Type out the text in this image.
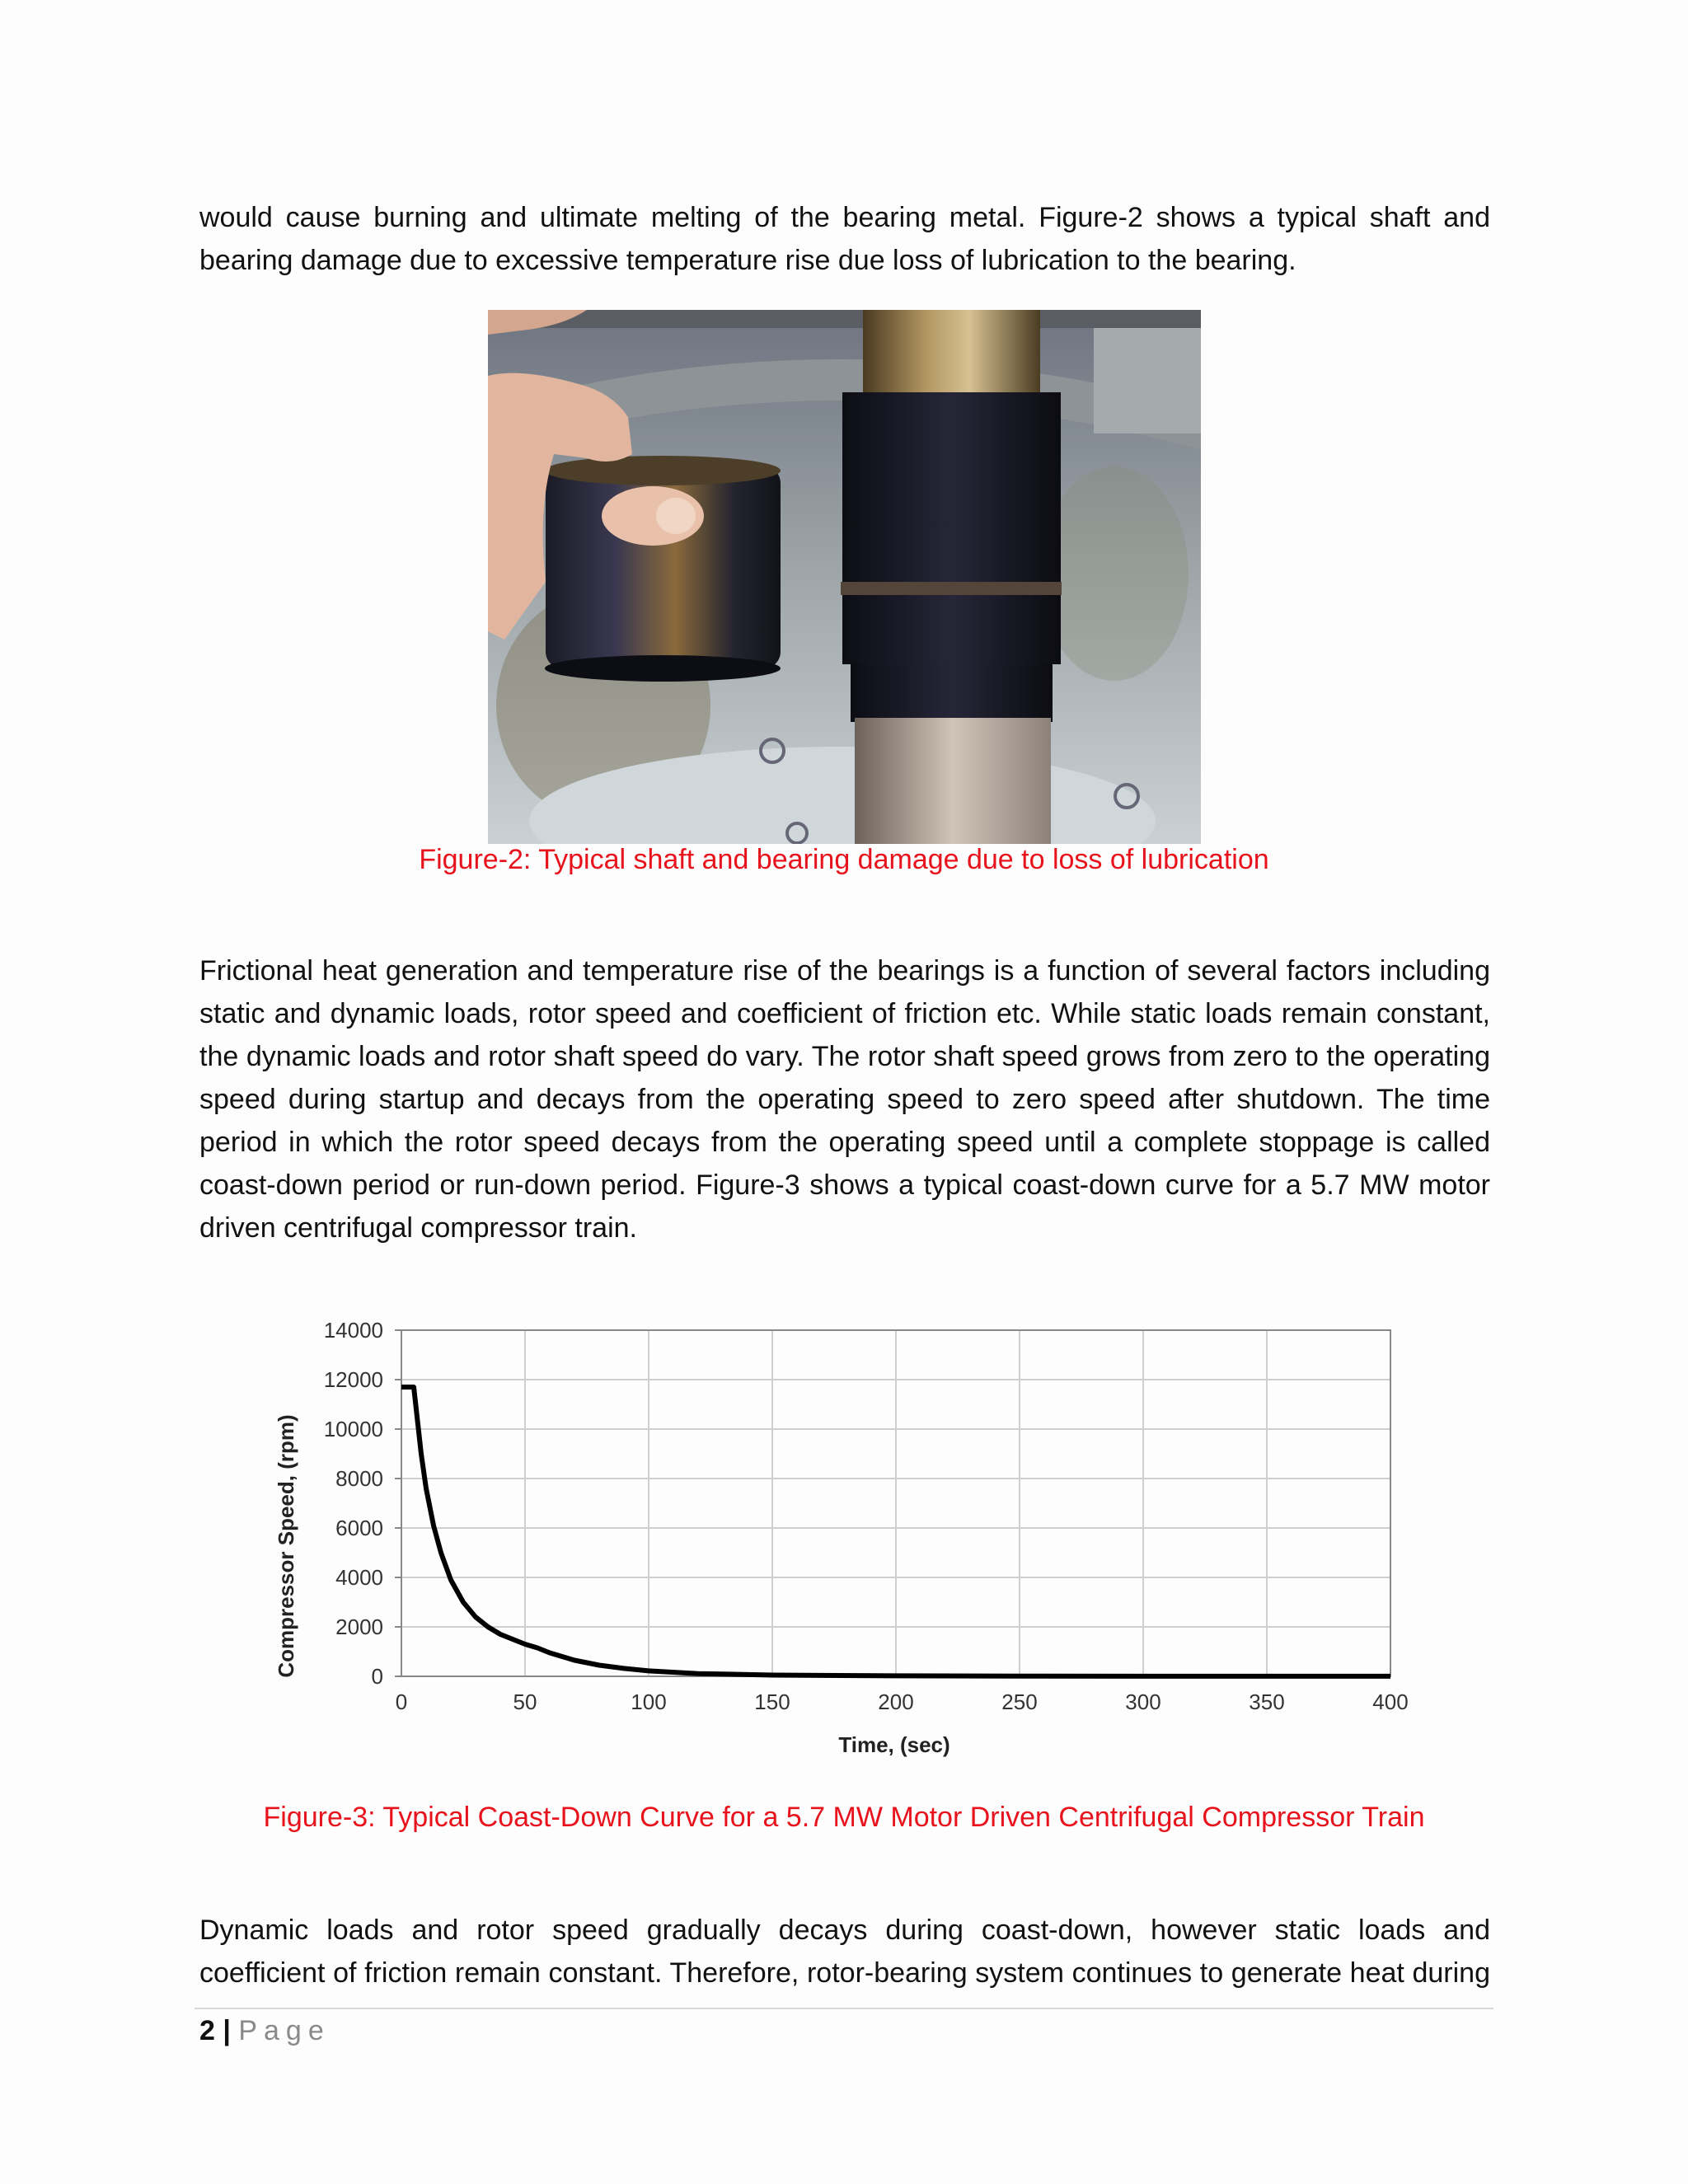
would cause burning and ultimate melting of the bearing metal. Figure-2 shows a typical shaft and bearing damage due to excessive temperature rise due loss of lubrication to the bearing.

Figure-2: Typical shaft and bearing damage due to loss of lubrication

Frictional heat generation and temperature rise of the bearings is a function of several factors including static and dynamic loads, rotor speed and coefficient of friction etc. While static loads remain constant, the dynamic loads and rotor shaft speed do vary. The rotor shaft speed grows from zero to the operating speed during startup and decays from the operating speed to zero speed after shutdown. The time period in which the rotor speed decays from the operating speed until a complete stoppage is called coast-down period or run-down period. Figure-3 shows a typical coast-down curve for a 5.7 MW motor driven centrifugal compressor train.

0	50	100	150	200	250	300	350	400
0
2000
4000
6000
8000
10000
12000
14000
Time, (sec)
Compressor Speed, (rpm)

Figure-3: Typical Coast-Down Curve for a 5.7 MW Motor Driven Centrifugal Compressor Train

Dynamic loads and rotor speed gradually decays during coast-down, however static loads and coefficient of friction remain constant. Therefore, rotor-bearing system continues to generate heat during

2 | Page
